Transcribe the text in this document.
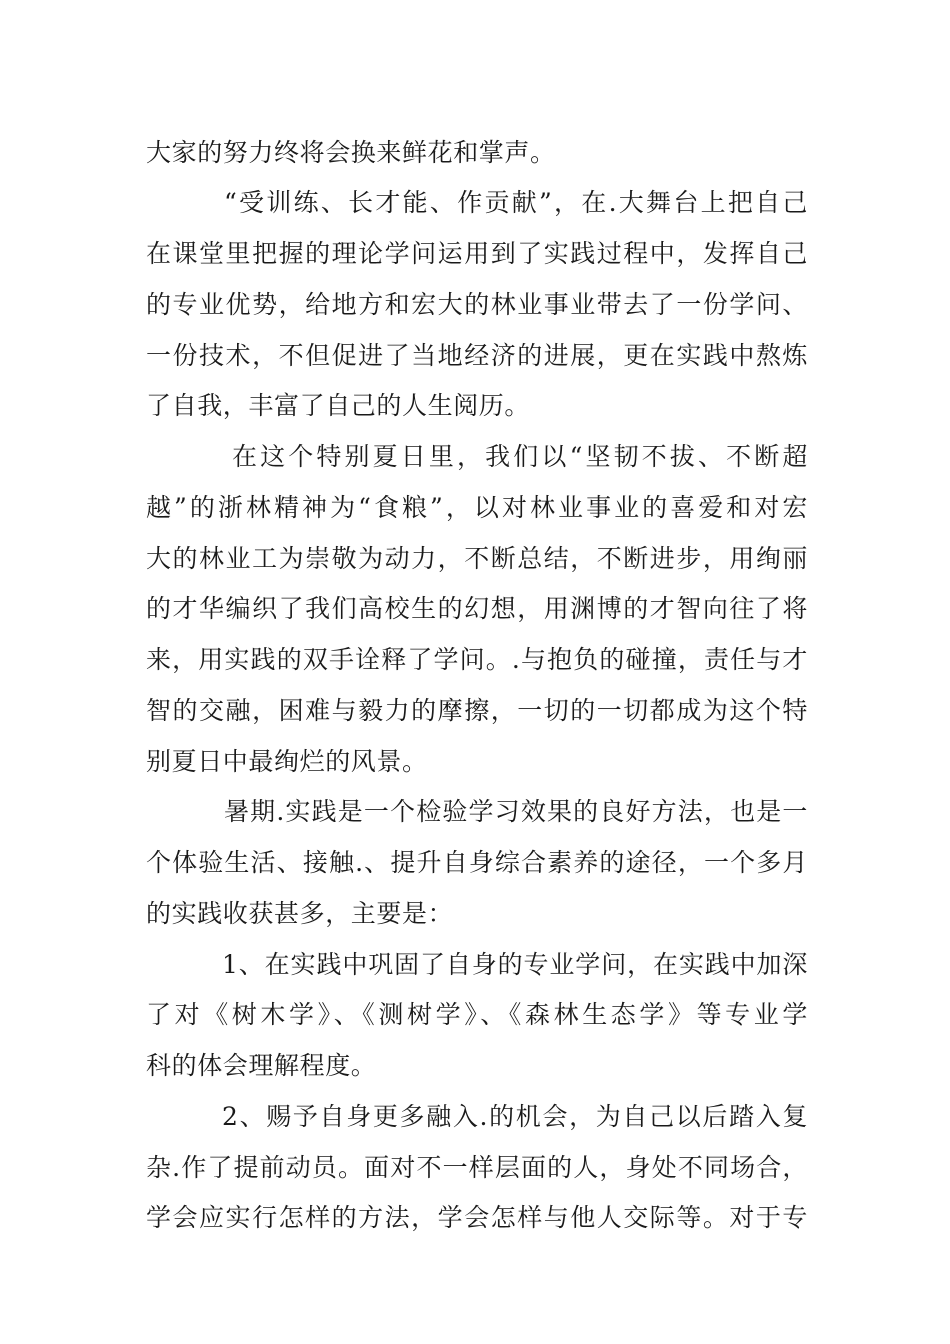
大家的努力终将会换来鲜花和掌声。
“受训练、长才能、作贡献”，在.大舞台上把自己
在课堂里把握的理论学问运用到了实践过程中，发挥自己
的专业优势，给地方和宏大的林业事业带去了一份学问、
一份技术，不但促进了当地经济的进展，更在实践中熬炼
了自我，丰富了自己的人生阅历。
在这个特别夏日里，我们以“坚韧不拔、不断超
越”的浙林精神为“食粮”，以对林业事业的喜爱和对宏
大的林业工为崇敬为动力，不断总结，不断进步，用绚丽
的才华编织了我们高校生的幻想，用渊博的才智向往了将
来，用实践的双手诠释了学问。.与抱负的碰撞，责任与才
智的交融，困难与毅力的摩擦，一切的一切都成为这个特
别夏日中最绚烂的风景。
暑期.实践是一个检验学习效果的良好方法，也是一
个体验生活、接触.、提升自身综合素养的途径，一个多月
的实践收获甚多，主要是：
1、在实践中巩固了自身的专业学问，在实践中加深
了对《树木学》、《测树学》、《森林生态学》等专业学
科的体会理解程度。
2、赐予自身更多融入.的机会，为自己以后踏入复
杂.作了提前动员。面对不一样层面的人，身处不同场合，
学会应实行怎样的方法，学会怎样与他人交际等。对于专
